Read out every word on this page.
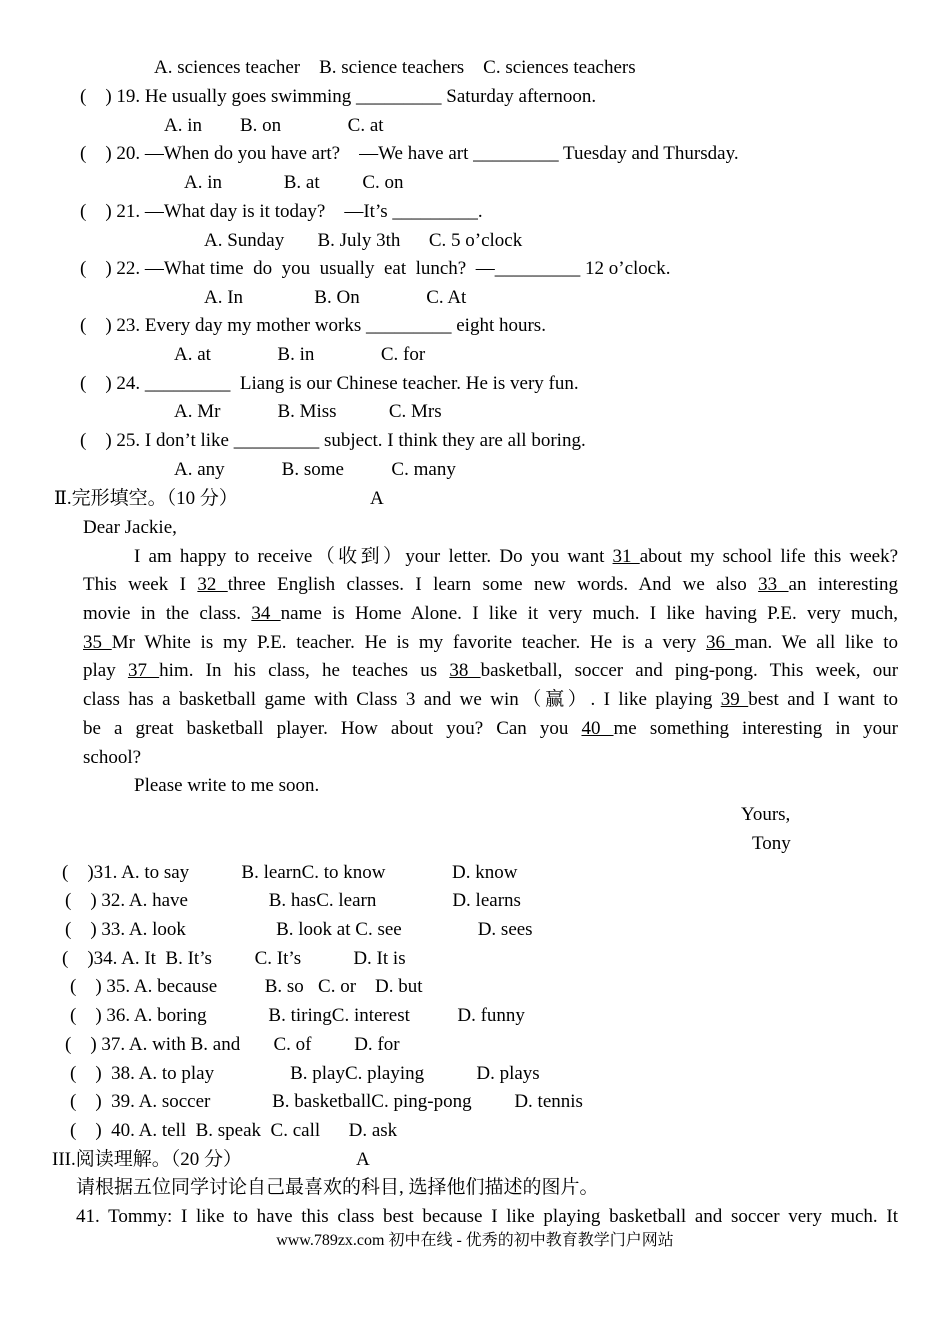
A. sciences teacher    B. science teachers    C. sciences teachers
(    ) 19. He usually goes swimming _________ Saturday afternoon.
A. in        B. on              C. at
(    ) 20. —When do you have art?    —We have art _________ Tuesday and Thursday.
A. in             B. at         C. on
(    ) 21. —What day is it today?    —It’s _________.
A. Sunday       B. July 3th      C. 5 o’clock
(    ) 22. —What time  do  you  usually  eat  lunch?  —_________ 12 o’clock.
A. In               B. On              C. At
(    ) 23. Every day my mother works _________ eight hours.
A. at              B. in              C. for
(    ) 24. _________  Liang is our Chinese teacher. He is very fun.
A. Mr            B. Miss           C. Mrs
(    ) 25. I don’t like _________ subject. I think they are all boring.
A. any            B. some          C. many
Ⅱ.完形填空。（10 分）	A
Dear Jackie,
I am happy to receive（收到）your letter. Do you want 31 about my school life this week?
This week I 32 three English classes. I learn some new words. And we also 33 an interesting
movie in the class. 34 name is Home Alone. I like it very much. I like having P.E. very much,
35 Mr White is my P.E. teacher. He is my favorite teacher. He is a very 36 man. We all like to
play 37 him. In his class, he teaches us 38 basketball, soccer and ping-pong. This week, our
class has a basketball game with Class 3 and we win（赢）. I like playing 39 best and I want to
be a great basketball player. How about you? Can you 40 me something interesting in your
school?
Please write to me soon.
Yours,
Tony
(    )31. A. to say           B. learnC. to know              D. know
(    ) 32. A. have                 B. hasC. learn                D. learns
(    ) 33. A. look                   B. look at C. see                D. sees
(    )34. A. It  B. It’s         C. It’s           D. It is
(    ) 35. A. because          B. so   C. or    D. but
(    ) 36. A. boring             B. tiringC. interest          D. funny
(    ) 37. A. with B. and       C. of         D. for
(    )  38. A. to play                B. playC. playing           D. plays
(    )  39. A. soccer             B. basketballC. ping-pong         D. tennis
(    )  40. A. tell  B. speak  C. call      D. ask
III.阅读理解。（20 分）	A
请根据五位同学讨论自己最喜欢的科目, 选择他们描述的图片。
41. Tommy: I like to have this class best because I like playing basketball and soccer very much. It
www.789zx.com 初中在线 - 优秀的初中教育教学门户网站
